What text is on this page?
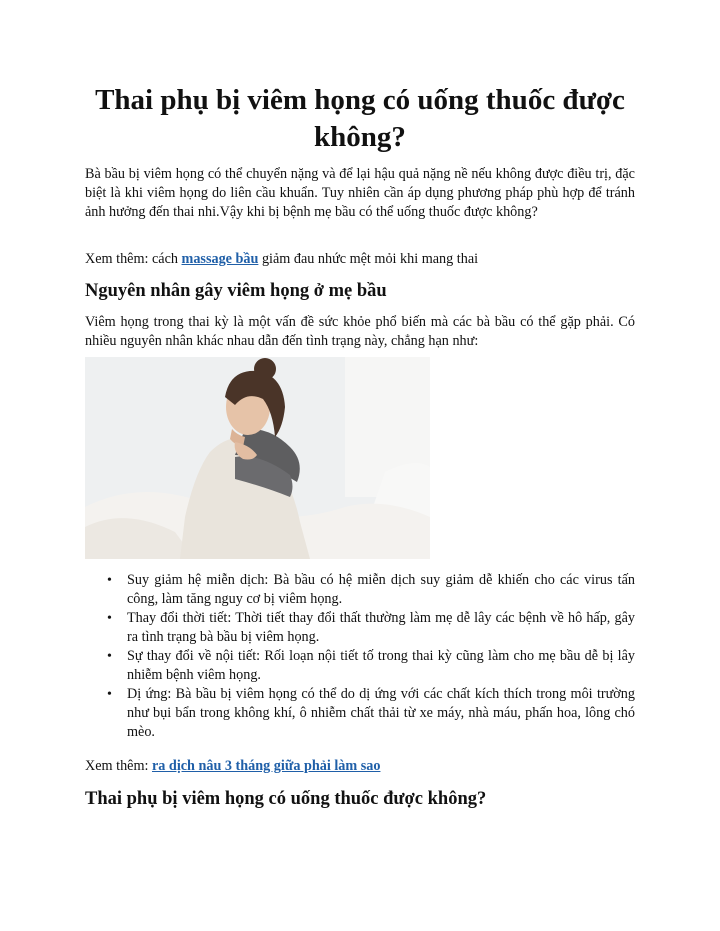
Thai phụ bị viêm họng có uống thuốc được không?

Bà bầu bị viêm họng có thể chuyển nặng và để lại hậu quả nặng nề nếu không được điều trị, đặc biệt là khi viêm họng do liên cầu khuẩn. Tuy nhiên cần áp dụng phương pháp phù hợp để tránh ảnh hưởng đến thai nhi.Vậy khi bị bệnh mẹ bầu có thể uống thuốc được không?

Xem thêm: cách massage bầu giảm đau nhức mệt mỏi khi mang thai

Nguyên nhân gây viêm họng ở mẹ bầu

Viêm họng trong thai kỳ là một vấn đề sức khỏe phổ biến mà các bà bầu có thể gặp phải. Có nhiều nguyên nhân khác nhau dẫn đến tình trạng này, chẳng hạn như:

•	Suy giảm hệ miễn dịch: Bà bầu có hệ miễn dịch suy giảm dễ khiến cho các virus tấn công, làm tăng nguy cơ bị viêm họng.
•	Thay đổi thời tiết: Thời tiết thay đổi thất thường làm mẹ dễ lây các bệnh về hô hấp, gây ra tình trạng bà bầu bị viêm họng.
•	Sự thay đổi về nội tiết: Rối loạn nội tiết tố trong thai kỳ cũng làm cho mẹ bầu dễ bị lây nhiễm bệnh viêm họng.
•	Dị ứng: Bà bầu bị viêm họng có thể do dị ứng với các chất kích thích trong môi trường như bụi bẩn trong không khí, ô nhiễm chất thải từ xe máy, nhà máu, phấn hoa, lông chó mèo.

Xem thêm: ra dịch nâu 3 tháng giữa phải làm sao

Thai phụ bị viêm họng có uống thuốc được không?
